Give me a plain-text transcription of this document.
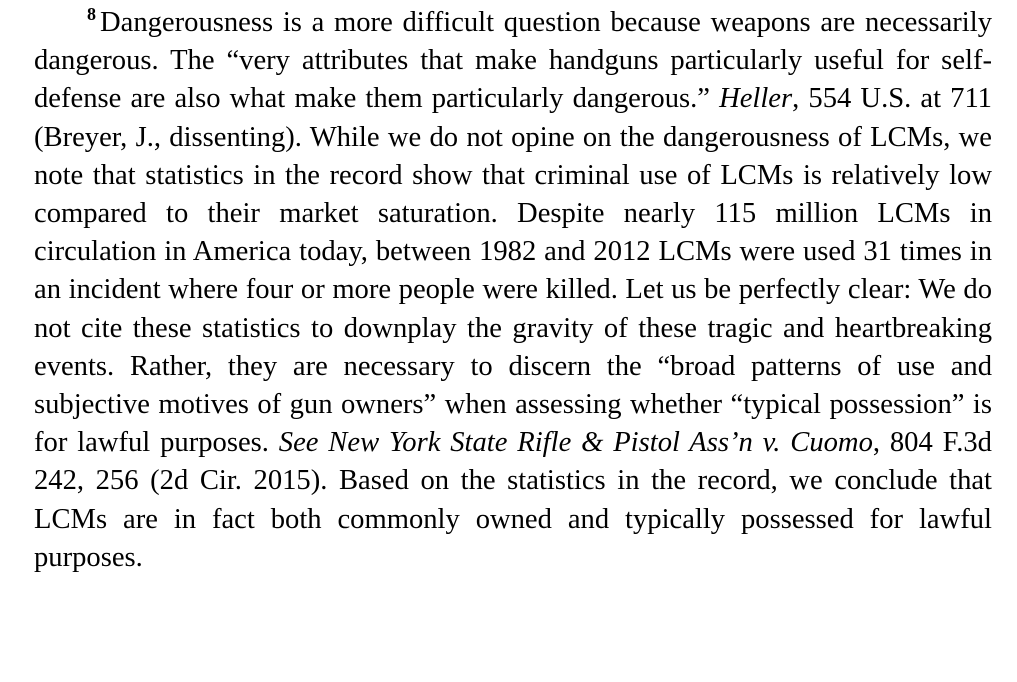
$^8$ Dangerousness is a more difficult question because weapons are necessarily dangerous. The “very attributes that make handguns particularly useful for self-defense are also what make them particularly dangerous.” Heller, 554 U.S. at 711 (Breyer, J., dissenting). While we do not opine on the dangerousness of LCMs, we note that statistics in the record show that criminal use of LCMs is relatively low compared to their market saturation. Despite nearly 115 million LCMs in circulation in America today, between 1982 and 2012 LCMs were used 31 times in an incident where four or more people were killed. Let us be perfectly clear: We do not cite these statistics to downplay the gravity of these tragic and heartbreaking events. Rather, they are necessary to discern the “broad patterns of use and subjective motives of gun owners” when assessing whether “typical possession” is for lawful purposes. See New York State Rifle & Pistol Ass’n v. Cuomo, 804 F.3d 242, 256 (2d Cir. 2015). Based on the statistics in the record, we conclude that LCMs are in fact both commonly owned and typically possessed for lawful purposes.
